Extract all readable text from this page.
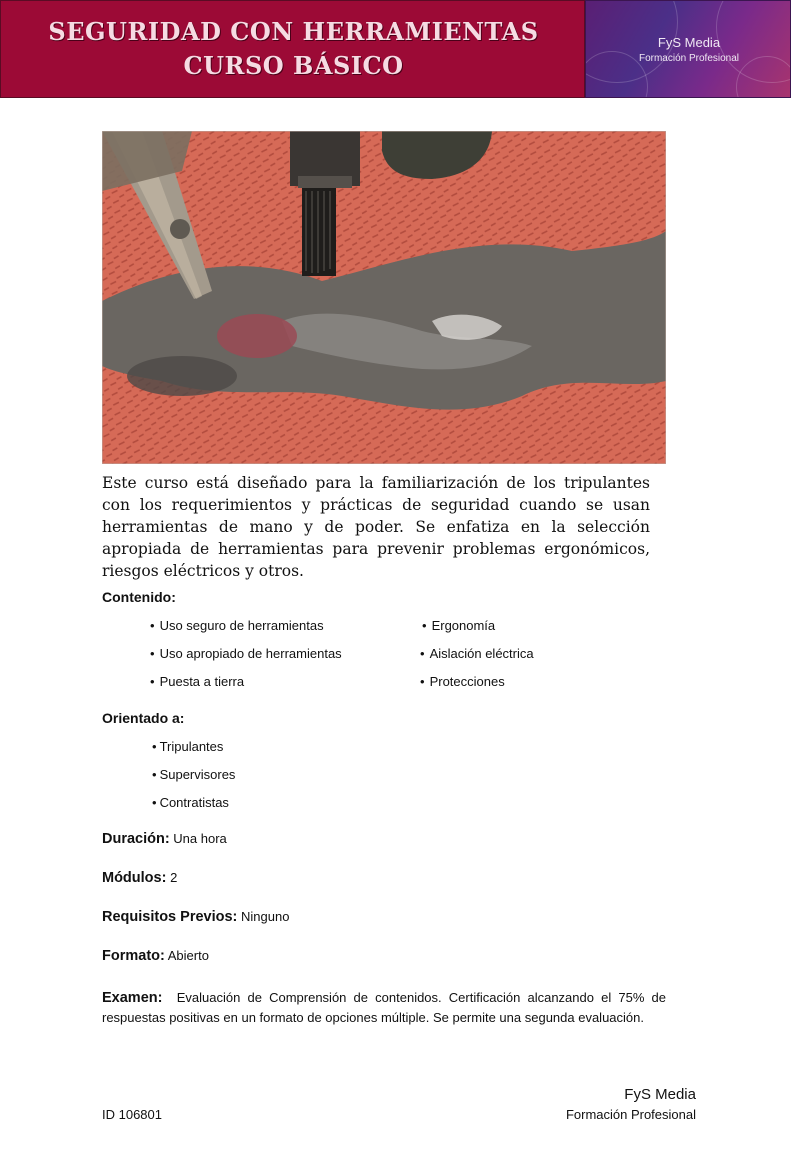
SEGURIDAD CON HERRAMIENTAS
CURSO BÁSICO
FyS Media
Formación Profesional
Este curso está diseñado para la familiarización de los tripulantes con los requerimientos y prácticas de seguridad cuando se usan herramientas de mano y de poder. Se enfatiza en la selección apropiada de herramientas para prevenir problemas ergonómicos, riesgos eléctricos y otros.
Contenido:
• Uso seguro de herramientas
• Uso apropiado de herramientas
• Puesta a tierra
• Ergonomía
• Aislación eléctrica
• Protecciones
Orientado a:
• Tripulantes
• Supervisores
• Contratistas
Duración: Una hora
Módulos: 2
Requisitos Previos: Ninguno
Formato: Abierto
Examen: Evaluación de Comprensión de contenidos. Certificación alcanzando el 75% de respuestas positivas en un formato de opciones múltiple. Se permite una segunda evaluación.
ID 106801
FyS Media
Formación Profesional
